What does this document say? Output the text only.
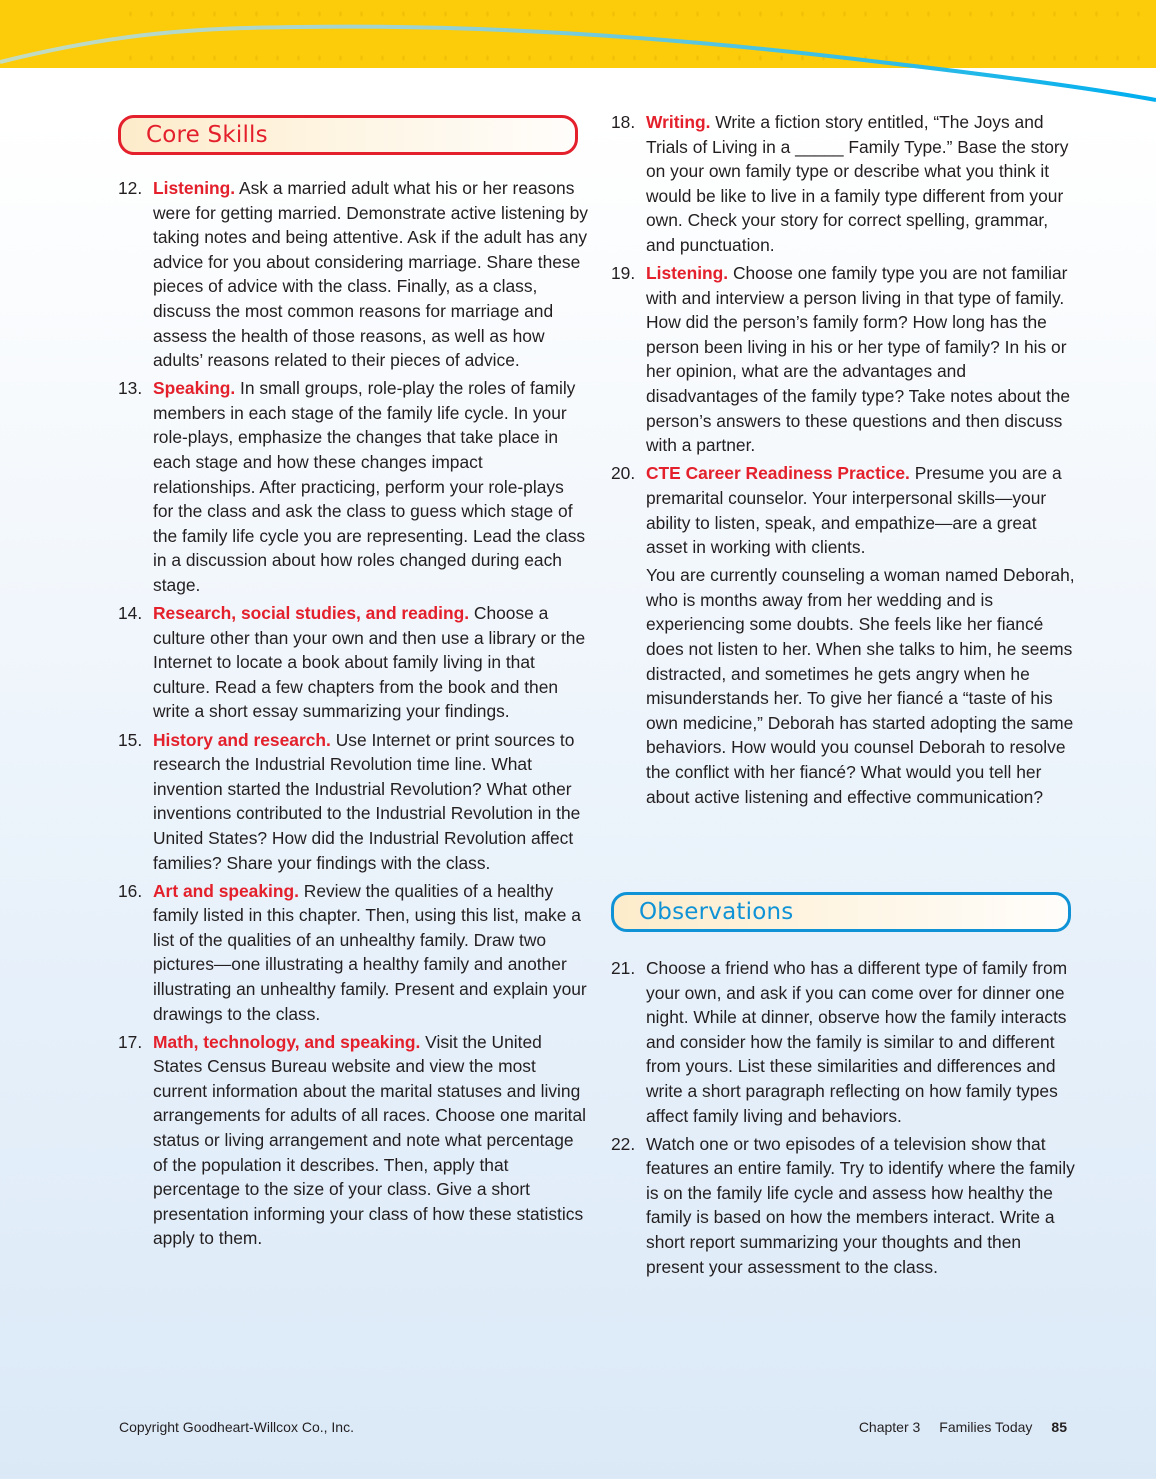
Core Skills
12. Listening. Ask a married adult what his or her reasons were for getting married. Demonstrate active listening by taking notes and being attentive. Ask if the adult has any advice for you about considering marriage. Share these pieces of advice with the class. Finally, as a class, discuss the most common reasons for marriage and assess the health of those reasons, as well as how adults’ reasons related to their pieces of advice.
13. Speaking. In small groups, role-play the roles of family members in each stage of the family life cycle. In your role-plays, emphasize the changes that take place in each stage and how these changes impact relationships. After practicing, perform your role-plays for the class and ask the class to guess which stage of the family life cycle you are representing. Lead the class in a discussion about how roles changed during each stage.
14. Research, social studies, and reading. Choose a culture other than your own and then use a library or the Internet to locate a book about family living in that culture. Read a few chapters from the book and then write a short essay summarizing your findings.
15. History and research. Use Internet or print sources to research the Industrial Revolution time line. What invention started the Industrial Revolution? What other inventions contributed to the Industrial Revolution in the United States? How did the Industrial Revolution affect families? Share your findings with the class.
16. Art and speaking. Review the qualities of a healthy family listed in this chapter. Then, using this list, make a list of the qualities of an unhealthy family. Draw two pictures—one illustrating a healthy family and another illustrating an unhealthy family. Present and explain your drawings to the class.
17. Math, technology, and speaking. Visit the United States Census Bureau website and view the most current information about the marital statuses and living arrangements for adults of all races. Choose one marital status or living arrangement and note what percentage of the population it describes. Then, apply that percentage to the size of your class. Give a short presentation informing your class of how these statistics apply to them.
18. Writing. Write a fiction story entitled, “The Joys and Trials of Living in a _____ Family Type.” Base the story on your own family type or describe what you think it would be like to live in a family type different from your own. Check your story for correct spelling, grammar, and punctuation.
19. Listening. Choose one family type you are not familiar with and interview a person living in that type of family. How did the person’s family form? How long has the person been living in his or her type of family? In his or her opinion, what are the advantages and disadvantages of the family type? Take notes about the person’s answers to these questions and then discuss with a partner.
20. CTE Career Readiness Practice. Presume you are a premarital counselor. Your interpersonal skills—your ability to listen, speak, and empathize—are a great asset in working with clients.

You are currently counseling a woman named Deborah, who is months away from her wedding and is experiencing some doubts. She feels like her fiancé does not listen to her. When she talks to him, he seems distracted, and sometimes he gets angry when he misunderstands her. To give her fiancé a “taste of his own medicine,” Deborah has started adopting the same behaviors. How would you counsel Deborah to resolve the conflict with her fiancé? What would you tell her about active listening and effective communication?

Observations
21. Choose a friend who has a different type of family from your own, and ask if you can come over for dinner one night. While at dinner, observe how the family interacts and consider how the family is similar to and different from yours. List these similarities and differences and write a short paragraph reflecting on how family types affect family living and behaviors.
22. Watch one or two episodes of a television show that features an entire family. Try to identify where the family is on the family life cycle and assess how healthy the family is based on how the members interact. Write a short report summarizing your thoughts and then present your assessment to the class.
Copyright Goodheart-Willcox Co., Inc.	Chapter 3 Families Today 85
